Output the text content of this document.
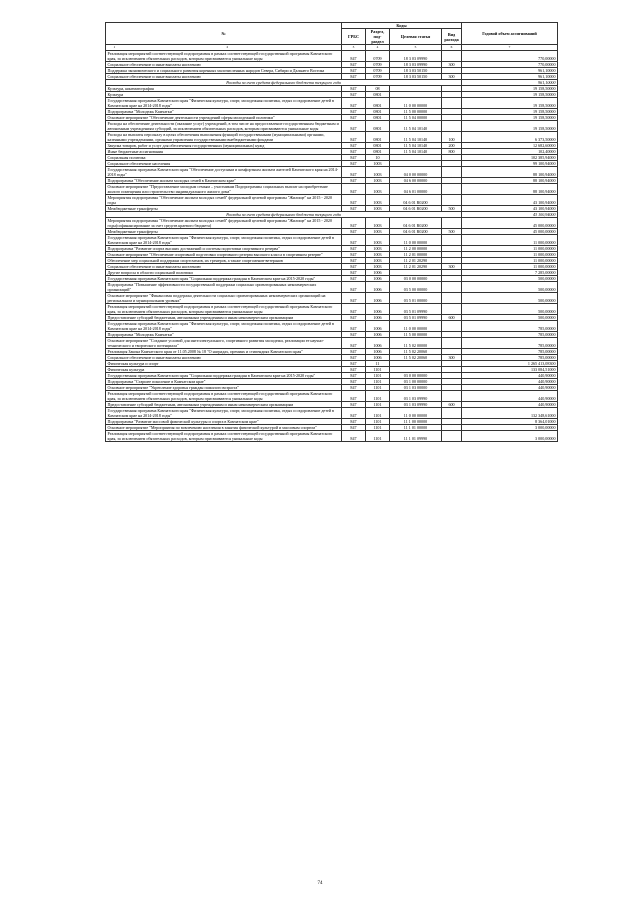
№	Коды				Годовой объем ассигнований
	ГРБС	Раздел, под-раздел	Целевая статья	Вид расхода	

1 2	3	4	5	6	7
Реализация мероприятий соответствующей подпрограммы в рамках соответствующей государственной программы Камчатского края, за исключением обязательных расходов, которым присваиваются уникальные коды	847	0709	18 3 03 09990		770,00000
Социальное обеспечение и иные выплаты населению	847	0709	18 3 03 09990	300	770,00000
Поддержка экономического и социального развития коренных малочисленных народов Севера, Сибири и Дальнего Востока	847	0709	18 3 03 50150		961,10000
Социальное обеспечение и иные выплаты населению	847	0709	18 3 03 50150	300	961,10000
Расходы за счет средств федерального бюджета текущего года					961,10000
Культура, кинематография	847	08			19 158,50000
Культура	847	0801			19 158,50000
Государственная программа Камчатского края "Физическая культура, спорт, молодежная политика, отдых и оздоровление детей в Камчатском крае на 2014-2018 годы"	847	0801	11 0 00 00000		19 158,50000
Подпрограмма "Молодежь Камчатки"	847	0801	11 5 00 00000		19 158,50000
Основное мероприятие "Обеспечение деятельности учреждений сферы молодежной политики"	847	0801	11 5 04 00000		19 158,50000
Расходы на обеспечение деятельности (оказание услуг) учреждений, в том числе на предоставление государственным бюджетным и автономным учреждениям субсидий, за исключением обязательных расходов, которым присваиваются уникальные коды	847	0801	11 5 04 10140		19 158,50000
Расходы на выплаты персоналу в целях обеспечения выполнения функций государственными (муниципальными) органами, казенными учреждениями, органами управления государственными внебюджетными фондами	847	0801	11 5 04 10140	100	6 373,50000
Закупка товаров, работ и услуг для обеспечения государственных (муниципальных) нужд	847	0801	11 5 04 10140	200	12 682,60000
Иные бюджетные ассигнования	847	0801	11 5 04 10140	800	102,40000
Социальная политика	847	10			102 385,94000
Социальное обеспечение населения	847	1003			99 100,94000
Государственная программа Камчатского края "Обеспечение доступным и комфортным жильем жителей Камчатского края на 2014-2018 годы"	847	1003	04 0 00 00000		88 100,94000
Подпрограмма "Обеспечение жильем молодых семей в Камчатском крае"	847	1003	04 6 00 00000		88 100,94000
Основное мероприятие "Предоставление молодым семьям – участникам Подпрограммы социальных выплат на приобретение жилого помещения или строительство индивидуального жилого дома"	847	1003	04 6 01 00000		88 100,94000
Мероприятия подпрограммы "Обеспечение жильем молодых семей" федеральной целевой программы "Жилище" на 2015 - 2020 годы	847	1003	04 6 01 R0200		43 100,94000
Межбюджетные трансферты	847	1003	04 6 01 R0200	500	43 100,94000
Расходы за счет средств федерального бюджета текущего года					43 100,94000
Мероприятия подпрограммы "Обеспечение жильем молодых семей" федеральной целевой программы "Жилище" на 2015 - 2020 годы(софинансирование за счет средств краевого бюджета)	847	1003	04 6 01 R0200		45 000,00000
Межбюджетные трансферты	847	1003	04 6 01 R0200	500	45 000,00000
Государственная программа Камчатского края "Физическая культура, спорт, молодежная политика, отдых и оздоровление детей в Камчатском крае на 2014-2018 годы"	847	1003	11 0 00 00000		11 000,00000
Подпрограмма "Развитие спорта высших достижений и системы подготовки спортивного резерва"	847	1003	11 2 00 00000		11 000,00000
Основное мероприятие "Обеспечение спортивной подготовки спортивного резерва высокого класса в спортивном резерве"	847	1003	11 2 01 00000		11 000,00000
Обеспечение мер социальной поддержки спортсменов, их тренеров, а также спортсменов-ветеранов	847	1003	11 2 01 20290		11 000,00000
Социальное обеспечение и иные выплаты населению	847	1003	11 2 01 20290	300	11 000,00000
Другие вопросы в области социальной политики	847	1006			7 285,00000
Государственная программа Камчатского края "Социальная поддержка граждан в Камчатском крае на 2015-2020 годы"	847	1006	03 0 00 00000		500,00000
Подпрограмма "Повышение эффективности государственной поддержки социально ориентированных некоммерческих организаций"	847	1006	03 5 00 00000		500,00000
Основное мероприятие "Финансовая поддержка деятельности социально ориентированных некоммерческих организаций на региональном и муниципальном уровнях"	847	1006	03 5 01 00000		500,00000
Реализация мероприятий соответствующей подпрограммы в рамках соответствующей государственной программы Камчатского края, за исключением обязательных расходов, которым присваиваются уникальные коды	847	1006	03 5 01 09990		500,00000
Предоставление субсидий бюджетным, автономным учреждениям и иным некоммерческим организациям	847	1006	03 5 01 09990	600	500,00000
Государственная программа Камчатского края "Физическая культура, спорт, молодежная политика, отдых и оздоровление детей в Камчатском крае на 2014-2018 годы"	847	1006	11 0 00 00000		785,00000
Подпрограмма "Молодежь Камчатки"	847	1006	11 5 00 00000		785,00000
Основное мероприятие "Создание условий для интеллектуального, спортивного развития молодежи, реализации ее научно-технического и творческого потенциала"	847	1006	11 5 02 00000		785,00000
Реализация Закона Камчатского края от 11.05.2008 № 18 "О наградах, премиях и стипендиях Камчатского края"	847	1006	11 5 02 20060		785,00000
Социальное обеспечение и иные выплаты населению	847	1006	11 5 02 20060	300	785,00000
Физическая культура и спорт	847	11			1 265 413,08300
Физическая культура	847	1101			133 084,51000
Государственная программа Камчатского края "Социальная поддержка граждан в Камчатском крае на 2015-2020 годы"	847	1101	03 0 00 00000		440,90000
Подпрограмма "Старшее поколение в Камчатском крае"	847	1101	03 1 00 00000		440,90000
Основное мероприятие "Укрепление здоровья граждан пожилого возраста"	847	1101	03 1 03 00000		440,90000
Реализация мероприятий соответствующей подпрограммы в рамках соответствующей государственной программы Камчатского края, за исключением обязательных расходов, которым присваиваются уникальные коды	847	1101	03 1 03 09990		440,90000
Предоставление субсидий бюджетным, автономным учреждениям и иным некоммерческим организациям	847	1101	03 1 03 09990	600	440,90000
Государственная программа Камчатского края "Физическая культура, спорт, молодежная политика, отдых и оздоровление детей в Камчатском крае на 2014-2018 годы"	847	1101	11 0 00 00000		132 348,61000
Подпрограмма "Развитие массовой физической культуры и спорта в Камчатском крае"	847	1101	11 1 00 00000		8 364,01000
Основное мероприятие "Мероприятия по вовлечению населения в занятия физической культурой и массовым спортом"	847	1101	11 1 01 00000		3 000,00000
Реализация мероприятий соответствующей подпрограммы в рамках соответствующей государственной программы Камчатского края, за исключением обязательных расходов, которым присваиваются уникальные коды	847	1101	11 1 01 09990		3 000,00000
74
